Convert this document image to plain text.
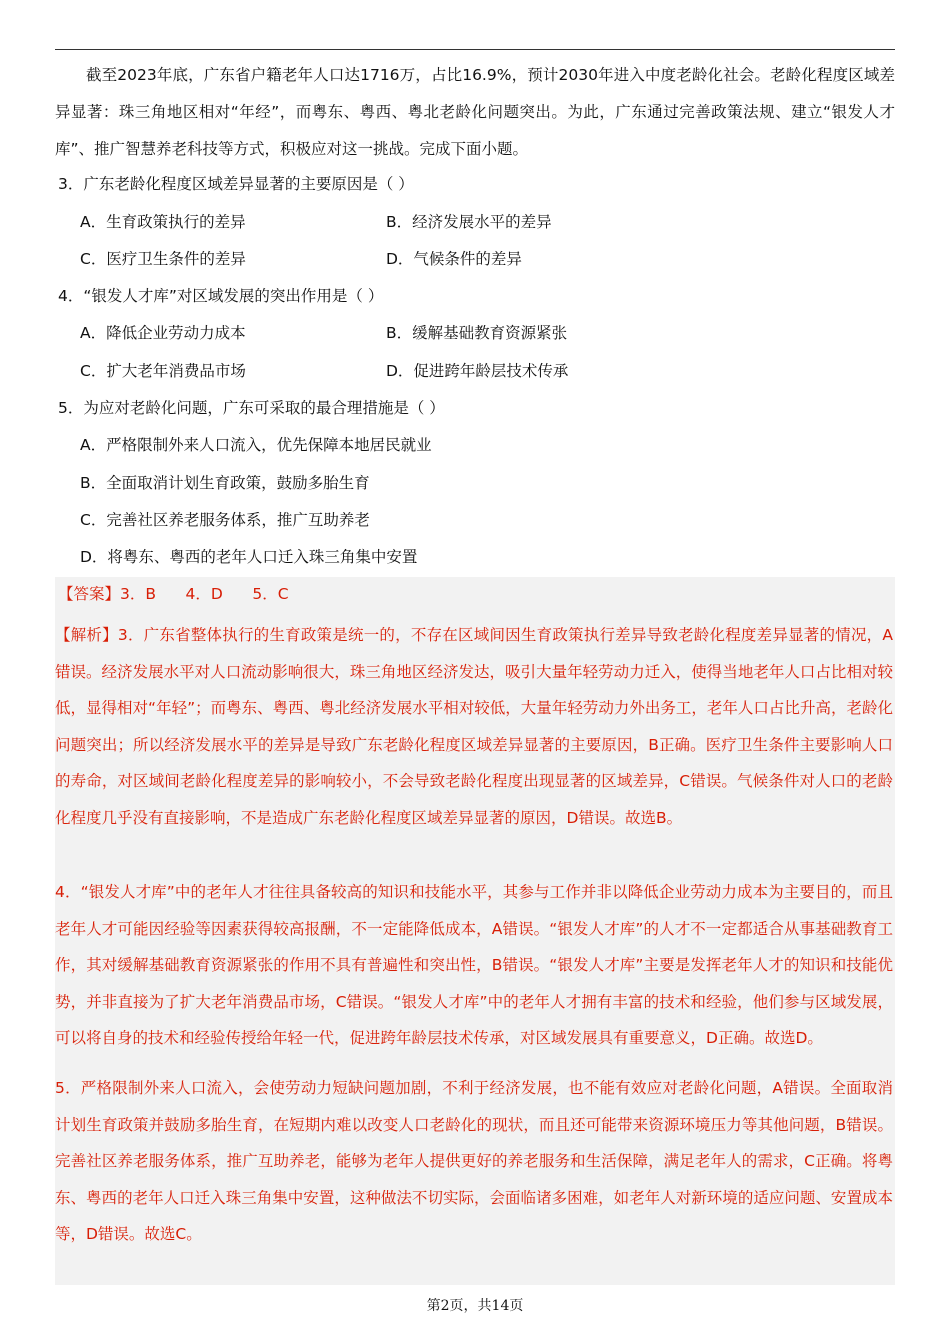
截至2023年底，广东省户籍老年人口达1716万，占比16.9%，预计2030年进入中度老龄化社会。老龄化程度区域差异显著：珠三角地区相对“年经”，而粤东、粤西、粤北老龄化问题突出。为此，广东通过完善政策法规、建立“银发人才库”、推广智慧养老科技等方式，积极应对这一挑战。完成下面小题。
3．广东老龄化程度区域差异显著的主要原因是（ ）
A．生育政策执行的差异	B．经济发展水平的差异
C．医疗卫生条件的差异	D．气候条件的差异
4．“银发人才库”对区域发展的突出作用是（ ）
A．降低企业劳动力成本	B．缓解基础教育资源紧张
C．扩大老年消费品市场	D．促进跨年龄层技术传承
5．为应对老龄化问题，广东可采取的最合理措施是（ ）
A．严格限制外来人口流入，优先保障本地居民就业
B．全面取消计划生育政策，鼓励多胎生育
C．完善社区养老服务体系，推广互助养老
D．将粤东、粤西的老年人口迁入珠三角集中安置
【答案】3．B      4．D      5．C
【解析】3．广东省整体执行的生育政策是统一的，不存在区域间因生育政策执行差异导致老龄化程度差异显著的情况，A错误。经济发展水平对人口流动影响很大，珠三角地区经济发达，吸引大量年轻劳动力迁入，使得当地老年人口占比相对较低，显得相对“年轻”；而粤东、粤西、粤北经济发展水平相对较低，大量年轻劳动力外出务工，老年人口占比升高，老龄化问题突出；所以经济发展水平的差异是导致广东老龄化程度区域差异显著的主要原因，B正确。医疗卫生条件主要影响人口的寿命，对区域间老龄化程度差异的影响较小，不会导致老龄化程度出现显著的区域差异，C错误。气候条件对人口的老龄化程度几乎没有直接影响，不是造成广东老龄化程度区域差异显著的原因，D错误。故选B。
4．“银发人才库”中的老年人才往往具备较高的知识和技能水平，其参与工作并非以降低企业劳动力成本为主要目的，而且老年人才可能因经验等因素获得较高报酬，不一定能降低成本，A错误。“银发人才库”的人才不一定都适合从事基础教育工作，其对缓解基础教育资源紧张的作用不具有普遍性和突出性，B错误。“银发人才库”主要是发挥老年人才的知识和技能优势，并非直接为了扩大老年消费品市场，C错误。“银发人才库”中的老年人才拥有丰富的技术和经验，他们参与区域发展，可以将自身的技术和经验传授给年轻一代，促进跨年龄层技术传承，对区域发展具有重要意义，D正确。故选D。
5．严格限制外来人口流入，会使劳动力短缺问题加剧，不利于经济发展，也不能有效应对老龄化问题，A错误。全面取消计划生育政策并鼓励多胎生育，在短期内难以改变人口老龄化的现状，而且还可能带来资源环境压力等其他问题，B错误。完善社区养老服务体系，推广互助养老，能够为老年人提供更好的养老服务和生活保障，满足老年人的需求，C正确。将粤东、粤西的老年人口迁入珠三角集中安置，这种做法不切实际，会面临诸多困难，如老年人对新环境的适应问题、安置成本等，D错误。故选C。
第2页，共14页
